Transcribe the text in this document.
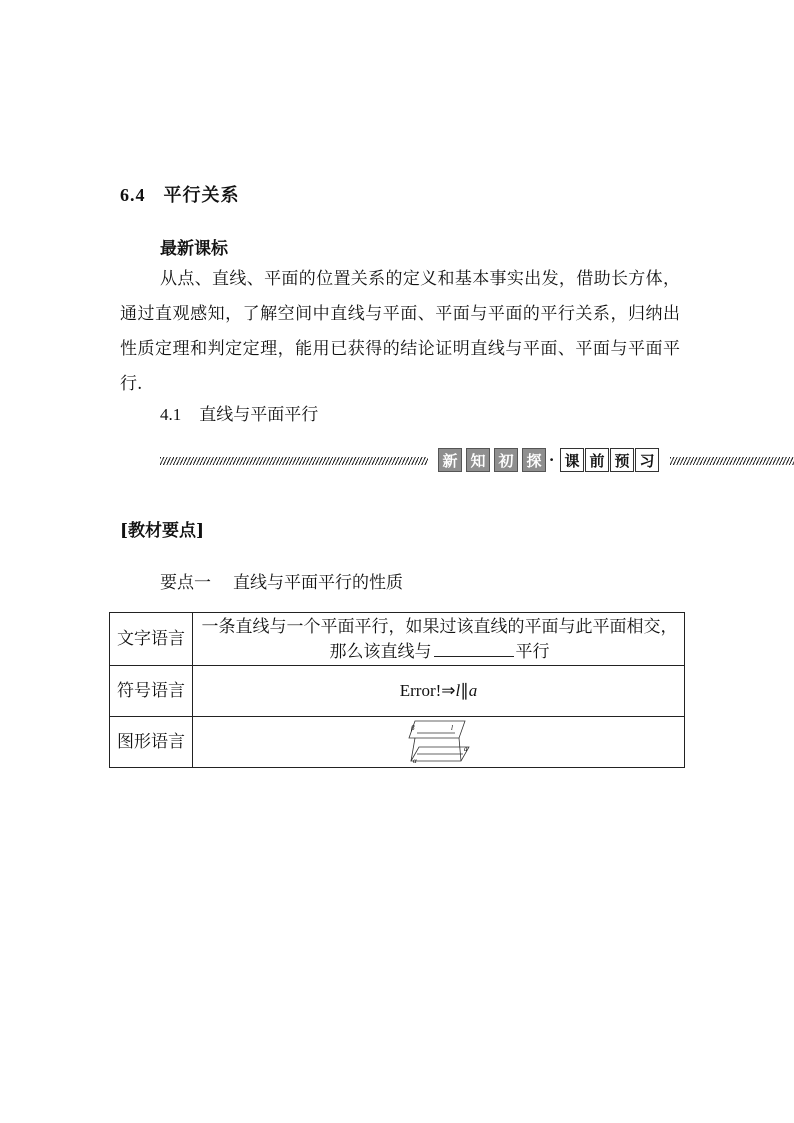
6.4 平行关系
最新课标
从点、直线、平面的位置关系的定义和基本事实出发，借助长方体，通过直观感知，了解空间中直线与平面、平面与平面的平行关系，归纳出性质定理和判定定理，能用已获得的结论证明直线与平面、平面与平面平行.
4.1 直线与平面平行
新 知 初 探 · 课 前 预 习
[教材要点]
要点一 直线与平面平行的性质
文字语言	一条直线与一个平面平行，如果过该直线的平面与此平面相交，那么该直线与 平行
符号语言	Error!⇒l∥a
图形语言	β l
a
α
